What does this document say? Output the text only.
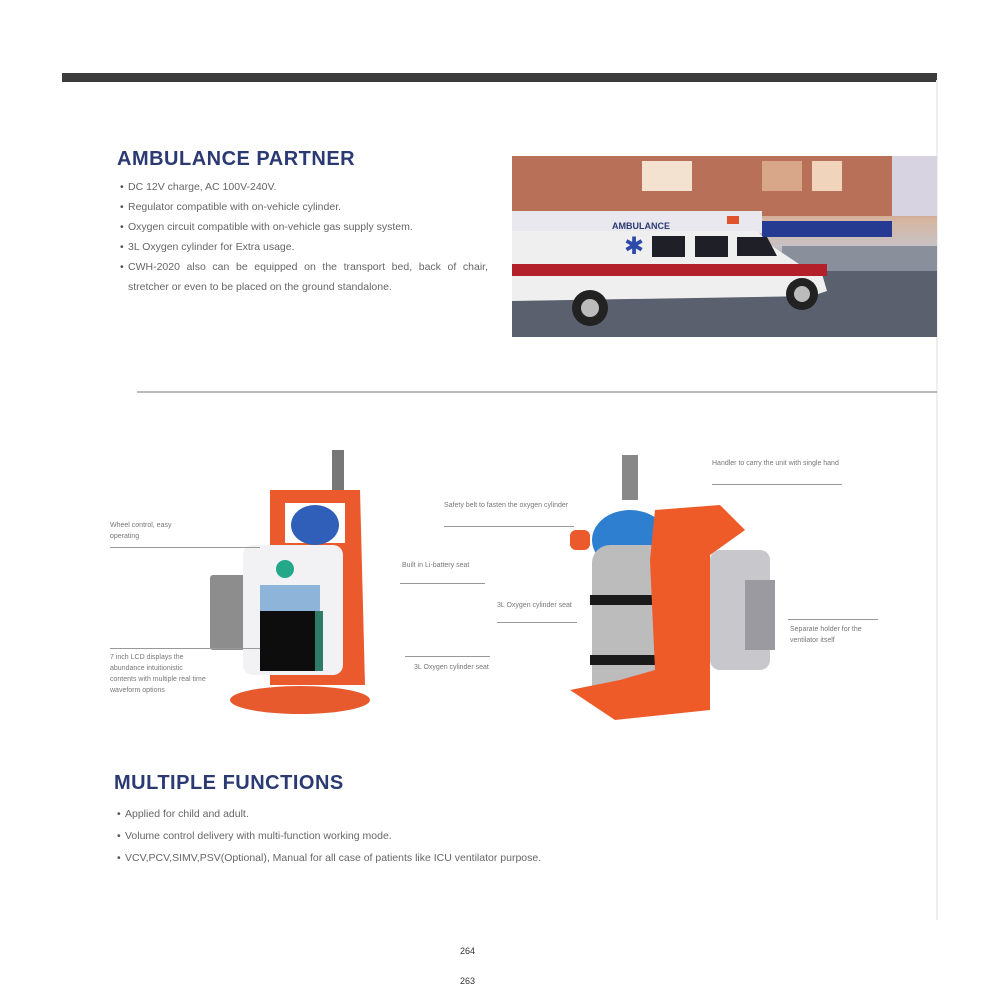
AMBULANCE PARTNER
• DC 12V charge, AC 100V-240V.
• Regulator compatible with on-vehicle cylinder.
• Oxygen circuit compatible with on-vehicle gas supply system.
• 3L Oxygen cylinder for Extra usage.
• CWH-2020 also can be equipped on the transport bed, back of chair, stretcher or even to be placed on the ground standalone.
AMBULANCE
✱
Wheel control, easy operating
7 inch LCD displays the abundance intuitionistic contents with multiple real time waveform options
Built in Li-battery seat
3L Oxygen cylinder seat
Handler to carry the unit with single hand
Safety belt to fasten the oxygen cylinder
3L Oxygen cylinder seat
Separate holder for the ventilator itself
MULTIPLE FUNCTIONS
• Applied for child and adult.
• Volume control delivery with multi-function working mode.
• VCV,PCV,SIMV,PSV(Optional), Manual for all case of patients like ICU ventilator purpose.
264
263
